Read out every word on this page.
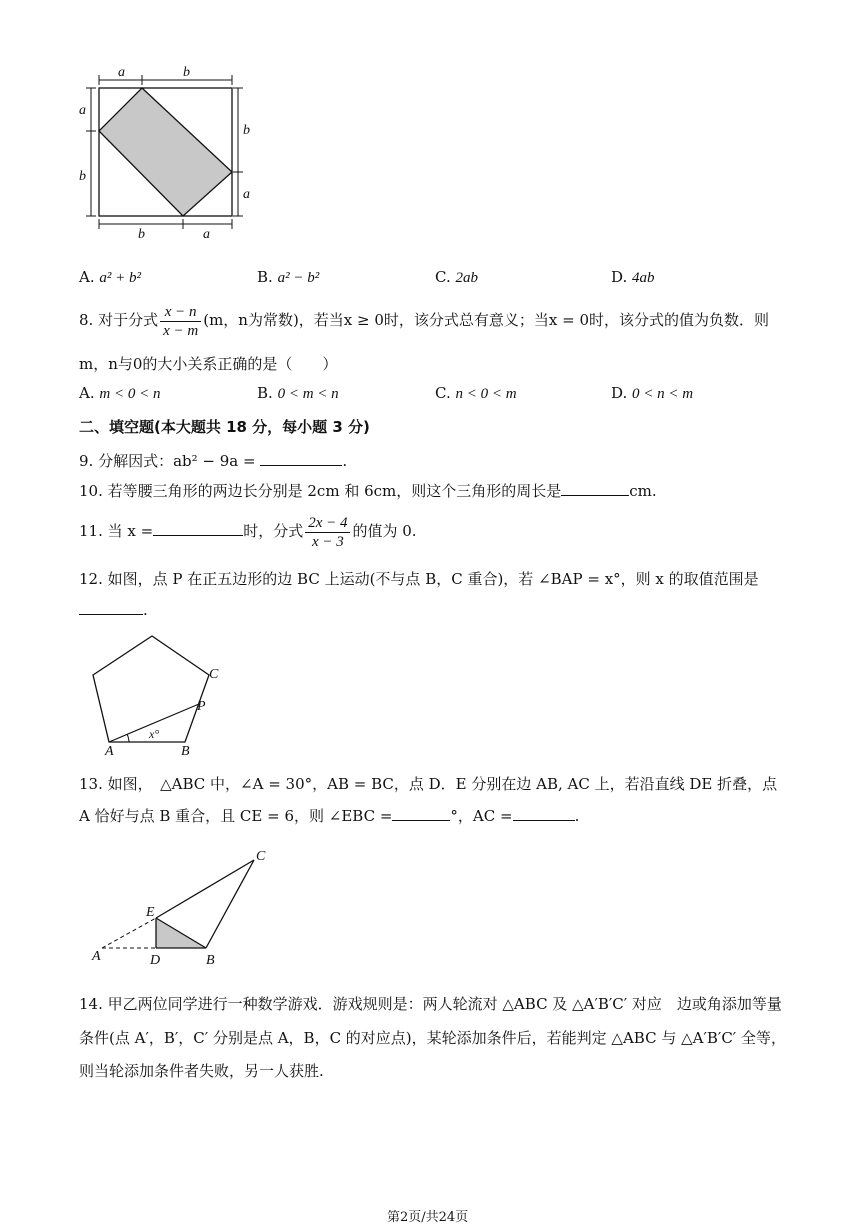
a	b
a
b
b
a
b	a
A. a² + b²	B. a² − b²	C. 2ab	D. 4ab
8. 对于分式 $\frac{x - n}{x - m} (m$，n为常数)，若当x ≥ 0时，该分式总有意义；当x = 0时，该分式的值为负数．则
m，n与0的大小关系正确的是（　　）
A. m < 0 < n	B. 0 < m < n	C. n < 0 < m	D. 0 < n < m
二、填空题(本大题共 18 分，每小题 3 分)
9. 分解因式：ab² − 9a =	.
10. 若等腰三角形的两边长分别是 2cm 和 6cm，则这个三角形的周长是	cm.
11. 当 x =	时，分式 $\frac{2x - 4}{x - 3}$ 的值为 0.
12. 如图，点 P 在正五边形的边 BC 上运动(不与点 B，C 重合)，若 ∠BAP = x°，则 x 的取值范围是
.
A	B
C
P
x°
13. 如图，　△ABC 中，∠A = 30°，AB = BC，点 D．E 分别在边 AB, AC 上，若沿直线 DE 折叠，点
A 恰好与点 B 重合，且 CE = 6，则 ∠EBC =	°，AC =	.
A	D	B
E
C
14. 甲乙两位同学进行一种数学游戏．游戏规则是：两人轮流对 △ABC 及 △A′B′C′ 对应　边或角添加等量
条件(点 A′，B′，C′ 分别是点 A，B，C 的对应点)，某轮添加条件后，若能判定 △ABC 与 △A′B′C′ 全等，
则当轮添加条件者失败，另一人获胜.
第2页/共24页
